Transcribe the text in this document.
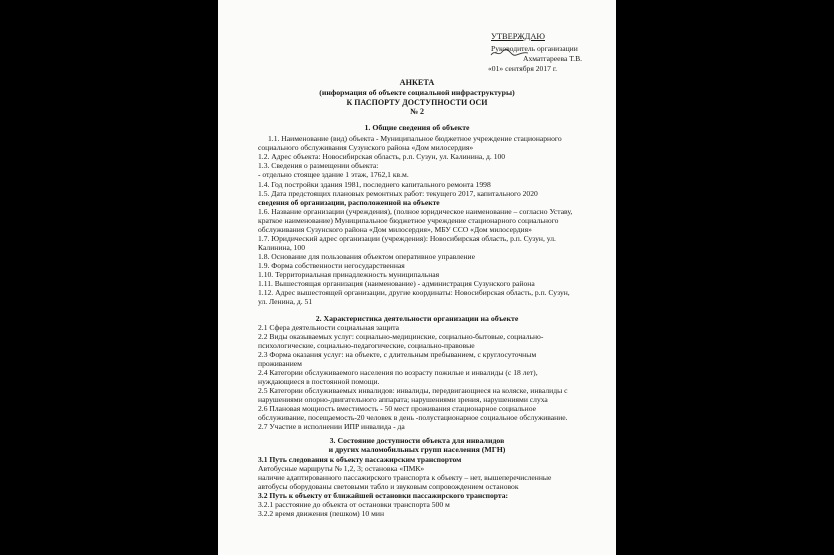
УТВЕРЖДАЮ
Руководитель организации
Ахматгареева Т.В.
«01» сентября 2017 г.
АНКЕТА
(информация об объекте социальной инфраструктуры)
К ПАСПОРТУ ДОСТУПНОСТИ ОСИ
№ 2
1. Общие сведения об объекте
1.1. Наименование (вид) объекта - Муниципальное бюджетное учреждение стационарного
социального обслуживания Сузунского района «Дом милосердия»
1.2. Адрес объекта: Новосибирская область, р.п. Сузун, ул. Калинина, д. 100
1.3. Сведения о размещении объекта:
- отдельно стоящее здание 1 этаж, 1762,1 кв.м.
1.4. Год постройки здания 1981, последнего капитального ремонта 1998
1.5. Дата предстоящих плановых ремонтных работ: текущего 2017, капитального 2020
сведения об организации, расположенной на объекте
1.6. Название организации (учреждения), (полное юридическое наименование – согласно Уставу,
краткое наименование) Муниципальное бюджетное учреждение стационарного социального
обслуживания Сузунского района «Дом милосердия», МБУ ССО «Дом милосердия»
1.7. Юридический адрес организации (учреждения): Новосибирская область, р.п. Сузун, ул.
Калинина, 100
1.8. Основание для пользования объектом оперативное управление
1.9. Форма собственности негосударственная
1.10. Территориальная принадлежность муниципальная
1.11. Вышестоящая организация (наименование) - администрация Сузунского района
1.12. Адрес вышестоящей организации, другие координаты: Новосибирская область, р.п. Сузун,
ул. Ленина, д. 51
2. Характеристика деятельности организации на объекте
2.1 Сфера деятельности социальная защита
2.2 Виды оказываемых услуг: социально-медицинские, социально-бытовые, социально-
психологические, социально-педагогические, социально-правовые
2.3 Форма оказания услуг: на объекте, с длительным пребыванием, с круглосуточным
проживанием
2.4 Категории обслуживаемого населения по возрасту пожилые и инвалиды (с 18 лет),
нуждающиеся в постоянной помощи.
2.5 Категории обслуживаемых инвалидов: инвалиды, передвигающиеся на коляске, инвалиды с
нарушениями опорно-двигательного аппарата; нарушениями зрения, нарушениями слуха
2.6 Плановая мощность вместимость - 50 мест проживания стационарное социальное
обслуживание, посещаемость-20 человек в день -полустационарное социальное обслуживание.
2.7 Участие в исполнении ИПР инвалида - да
3. Состояние доступности объекта для инвалидов
и других маломобильных групп населения (МГН)
3.1 Путь следования к объекту пассажирским транспортом
Автобусные маршруты № 1,2, 3; остановка «ПМК»
наличие адаптированного пассажирского транспорта к объекту – нет, вышеперечисленные
автобусы оборудованы световыми табло и звуковым сопровождением остановок
3.2 Путь к объекту от ближайшей остановки пассажирского транспорта:
3.2.1 расстояние до объекта от остановки транспорта 500 м
3.2.2 время движения (пешком) 10 мин
